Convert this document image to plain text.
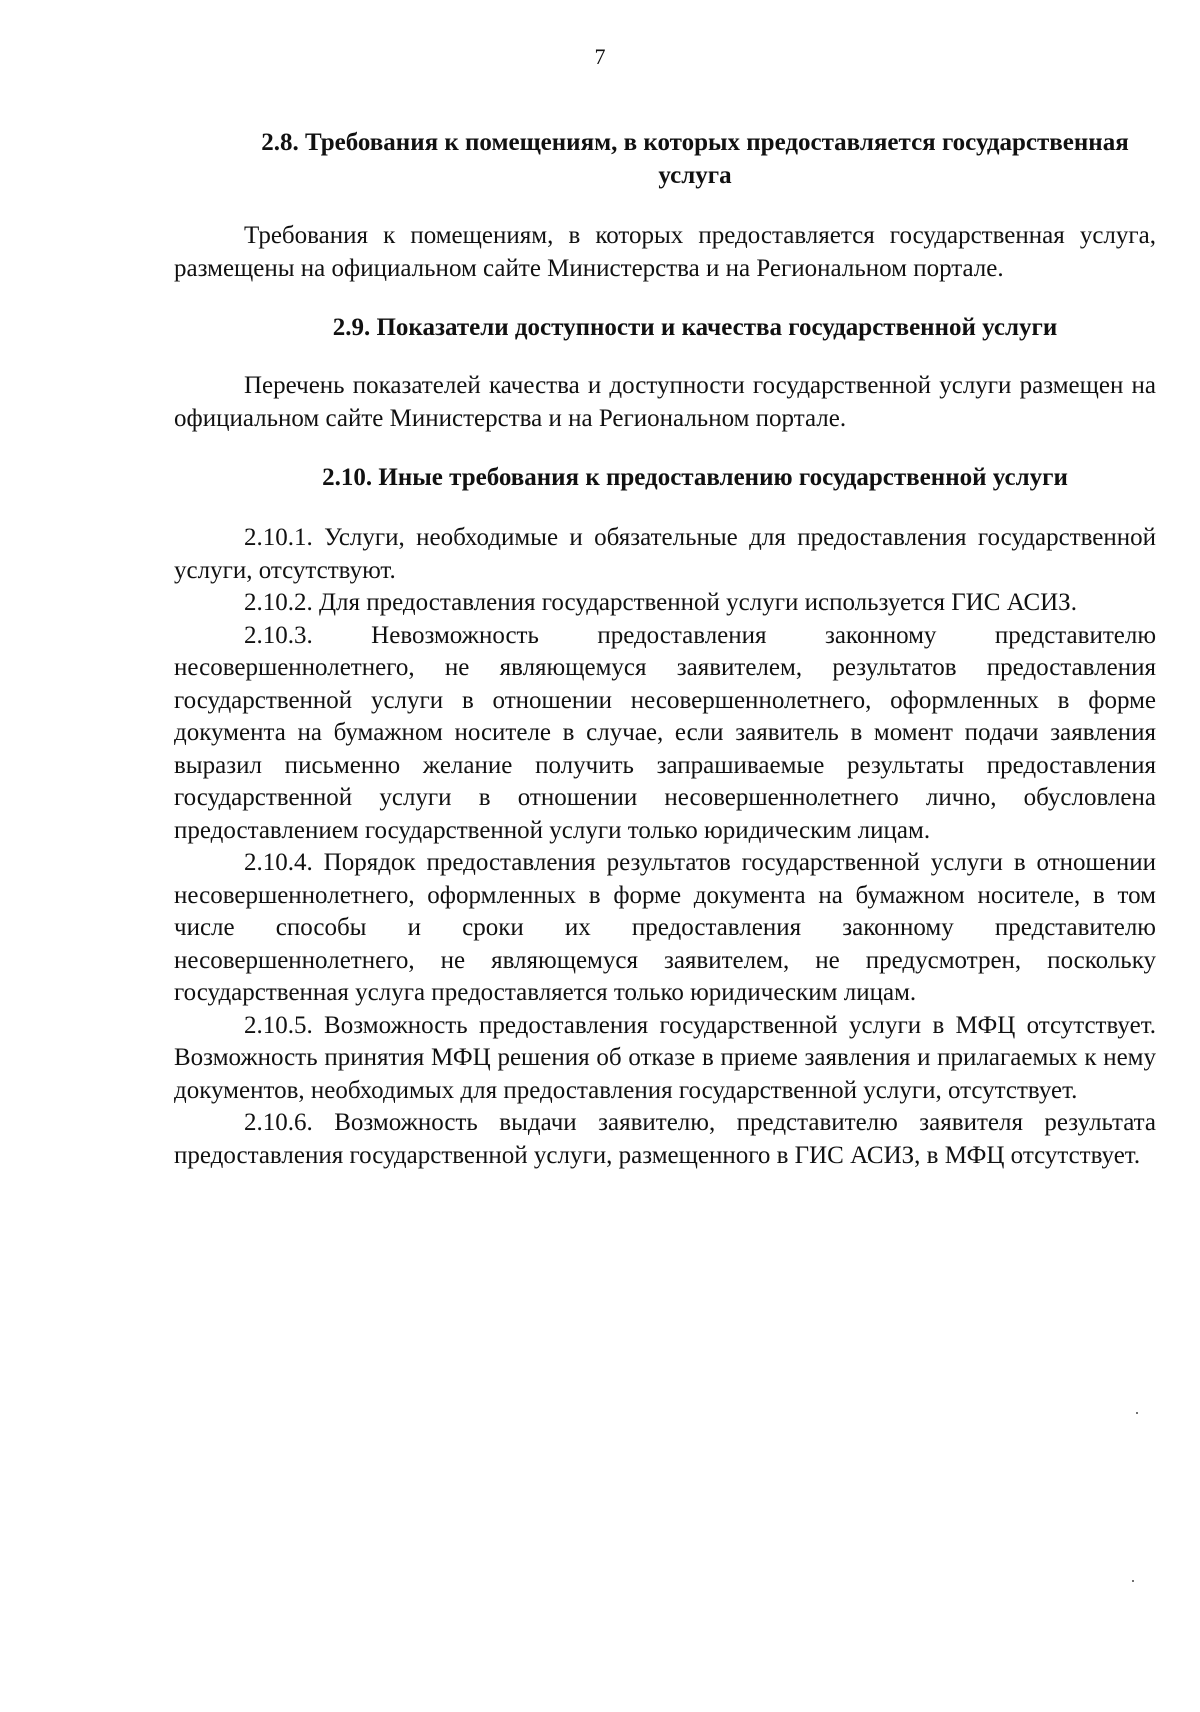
7
2.8. Требования к помещениям, в которых предоставляется государственная услуга

Требования к помещениям, в которых предоставляется государственная услуга, размещены на официальном сайте Министерства и на Региональном портале.

2.9. Показатели доступности и качества государственной услуги

Перечень показателей качества и доступности государственной услуги размещен на официальном сайте Министерства и на Региональном портале.

2.10. Иные требования к предоставлению государственной услуги

2.10.1. Услуги, необходимые и обязательные для предоставления государственной услуги, отсутствуют.

2.10.2. Для предоставления государственной услуги используется ГИС АСИЗ.

2.10.3. Невозможность предоставления законному представителю несовершеннолетнего, не являющемуся заявителем, результатов предоставления государственной услуги в отношении несовершеннолетнего, оформленных в форме документа на бумажном носителе в случае, если заявитель в момент подачи заявления выразил письменно желание получить запрашиваемые результаты предоставления государственной услуги в отношении несовершеннолетнего лично, обусловлена предоставлением государственной услуги только юридическим лицам.

2.10.4. Порядок предоставления результатов государственной услуги в отношении несовершеннолетнего, оформленных в форме документа на бумажном носителе, в том числе способы и сроки их предоставления законному представителю несовершеннолетнего, не являющемуся заявителем, не предусмотрен, поскольку государственная услуга предоставляется только юридическим лицам.

2.10.5. Возможность предоставления государственной услуги в МФЦ отсутствует. Возможность принятия МФЦ решения об отказе в приеме заявления и прилагаемых к нему документов, необходимых для предоставления государственной услуги, отсутствует.

2.10.6. Возможность выдачи заявителю, представителю заявителя результата предоставления государственной услуги, размещенного в ГИС АСИЗ, в МФЦ отсутствует.
